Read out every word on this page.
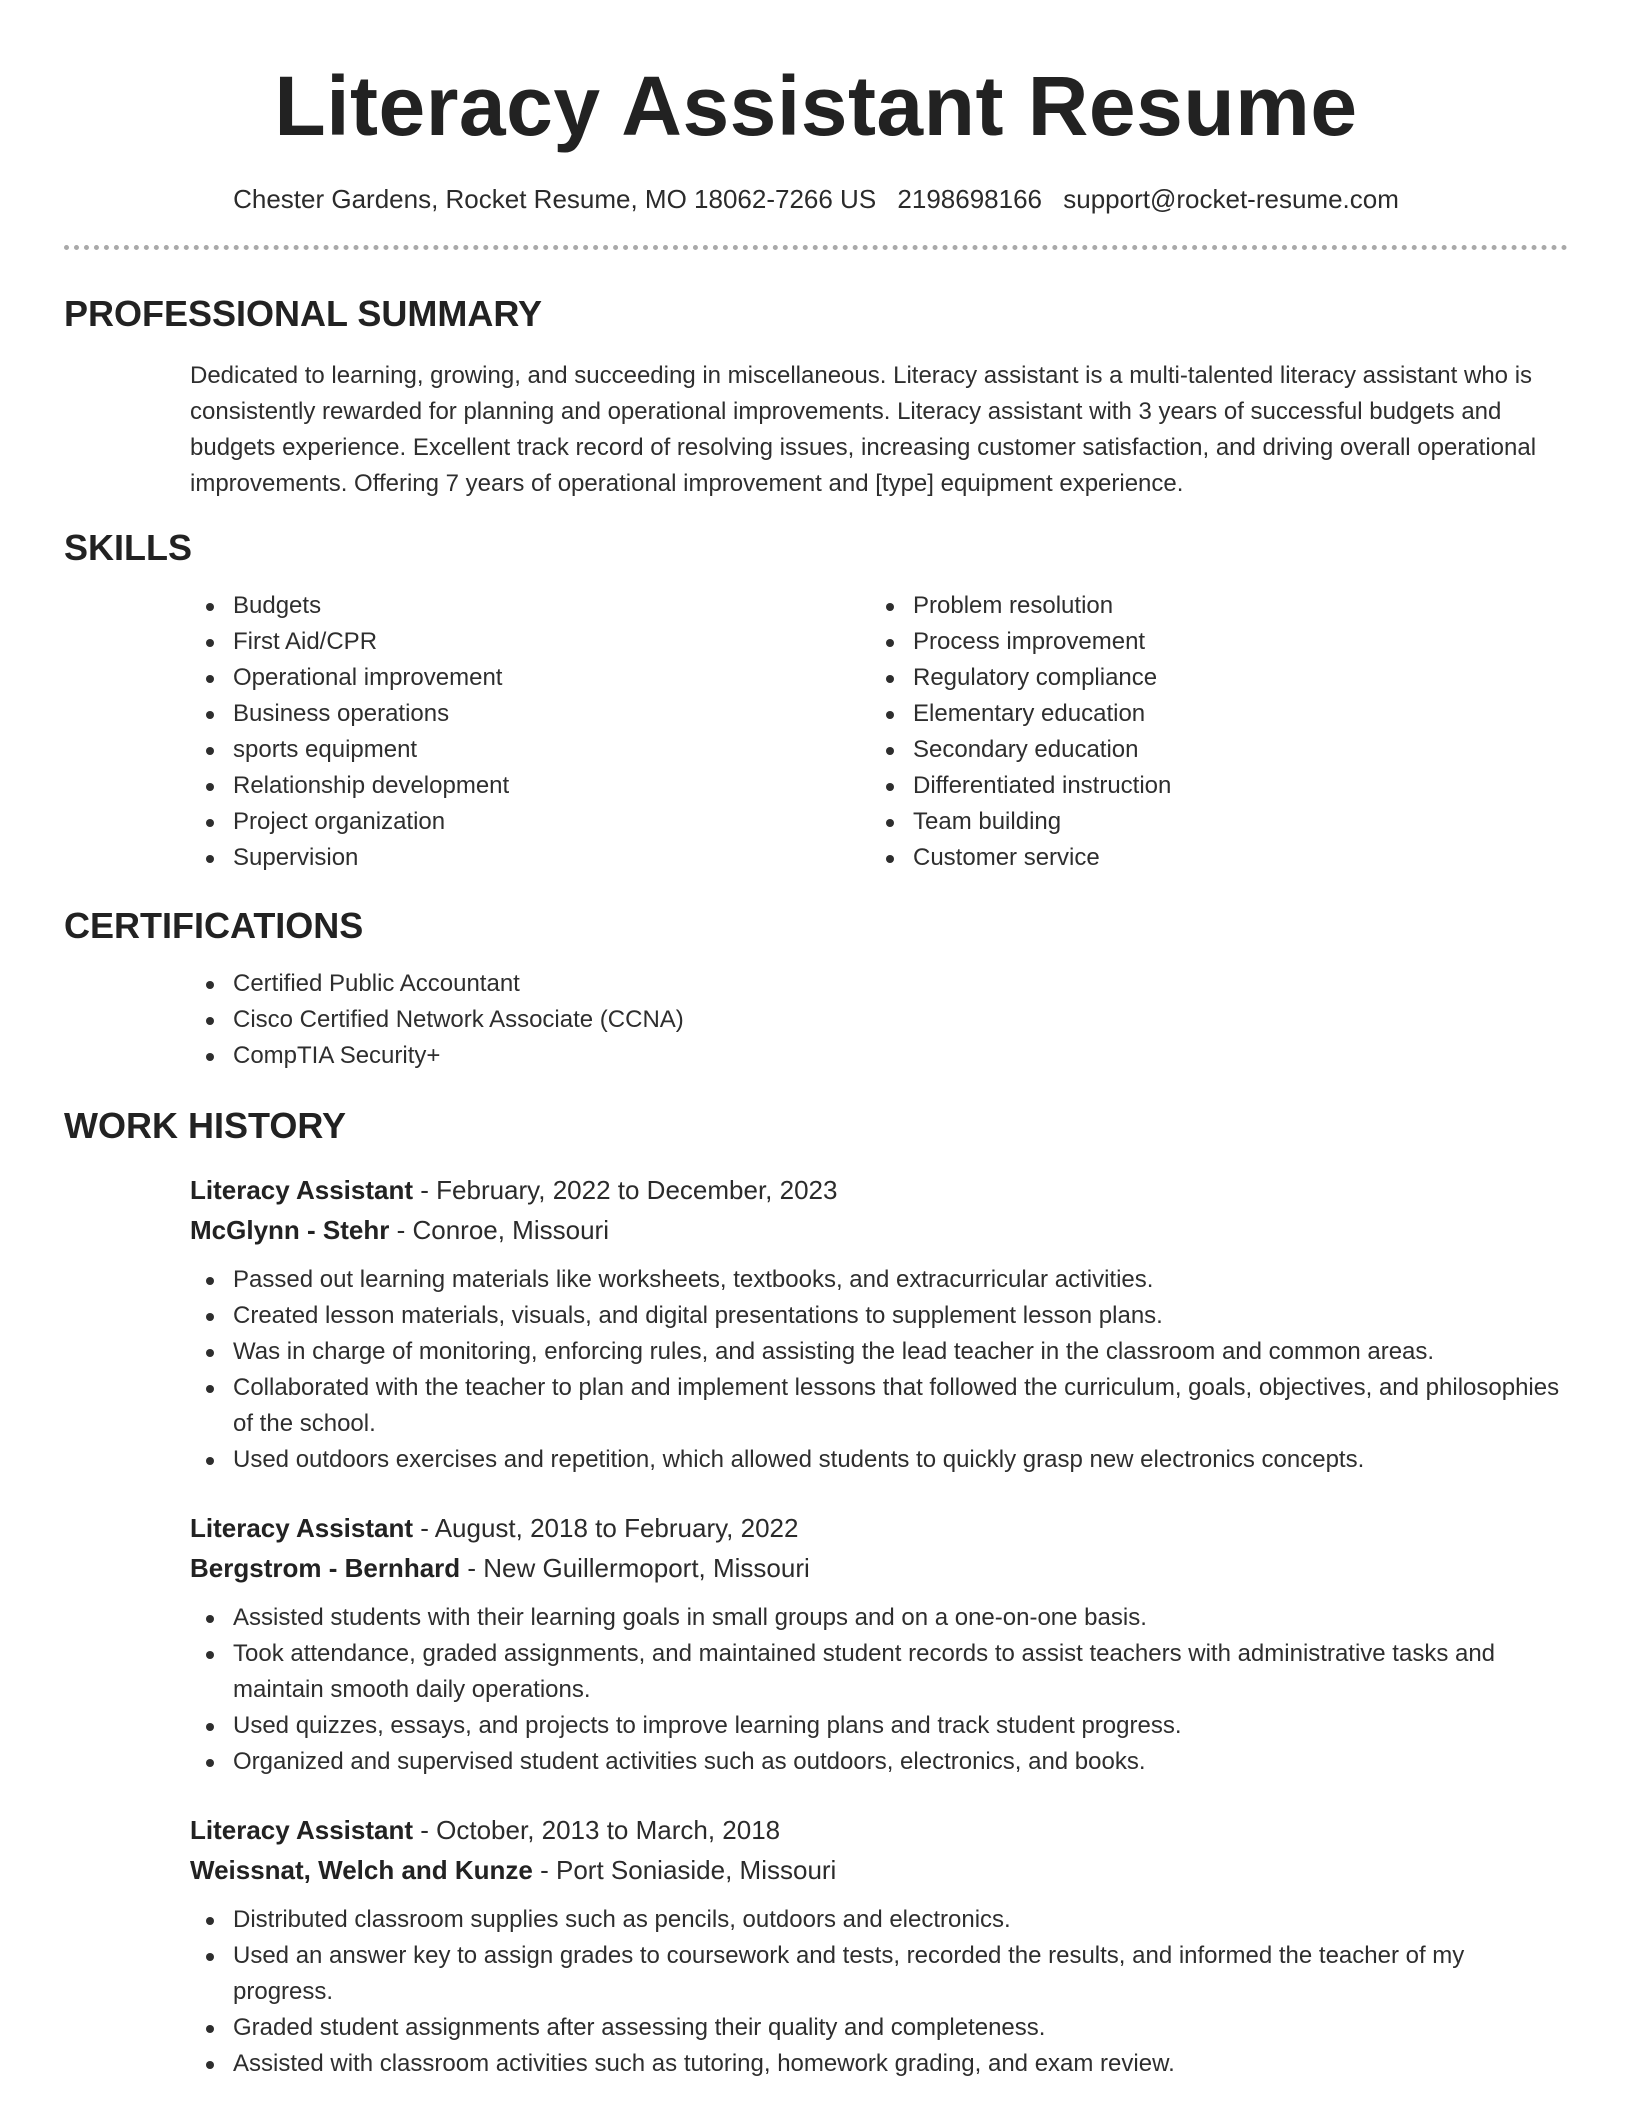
Literacy Assistant Resume
Chester Gardens, Rocket Resume, MO 18062-7266 US 2198698166 support@rocket-resume.com
PROFESSIONAL SUMMARY

Dedicated to learning, growing, and succeeding in miscellaneous. Literacy assistant is a multi-talented literacy assistant who is consistently rewarded for planning and operational improvements. Literacy assistant with 3 years of successful budgets and budgets experience. Excellent track record of resolving issues, increasing customer satisfaction, and driving overall operational improvements. Offering 7 years of operational improvement and [type] equipment experience.

SKILLS
Budgets
First Aid/CPR
Operational improvement
Business operations
sports equipment
Relationship development
Project organization
Supervision
Problem resolution
Process improvement
Regulatory compliance
Elementary education
Secondary education
Differentiated instruction
Team building
Customer service
CERTIFICATIONS
Certified Public Accountant
Cisco Certified Network Associate (CCNA)
CompTIA Security+
WORK HISTORY
Literacy Assistant - February, 2022 to December, 2023
McGlynn - Stehr - Conroe, Missouri
Passed out learning materials like worksheets, textbooks, and extracurricular activities.
Created lesson materials, visuals, and digital presentations to supplement lesson plans.
Was in charge of monitoring, enforcing rules, and assisting the lead teacher in the classroom and common areas.
Collaborated with the teacher to plan and implement lessons that followed the curriculum, goals, objectives, and philosophies of the school.
Used outdoors exercises and repetition, which allowed students to quickly grasp new electronics concepts.
Literacy Assistant - August, 2018 to February, 2022
Bergstrom - Bernhard - New Guillermoport, Missouri
Assisted students with their learning goals in small groups and on a one-on-one basis.
Took attendance, graded assignments, and maintained student records to assist teachers with administrative tasks and maintain smooth daily operations.
Used quizzes, essays, and projects to improve learning plans and track student progress.
Organized and supervised student activities such as outdoors, electronics, and books.
Literacy Assistant - October, 2013 to March, 2018
Weissnat, Welch and Kunze - Port Soniaside, Missouri
Distributed classroom supplies such as pencils, outdoors and electronics.
Used an answer key to assign grades to coursework and tests, recorded the results, and informed the teacher of my progress.
Graded student assignments after assessing their quality and completeness.
Assisted with classroom activities such as tutoring, homework grading, and exam review.
